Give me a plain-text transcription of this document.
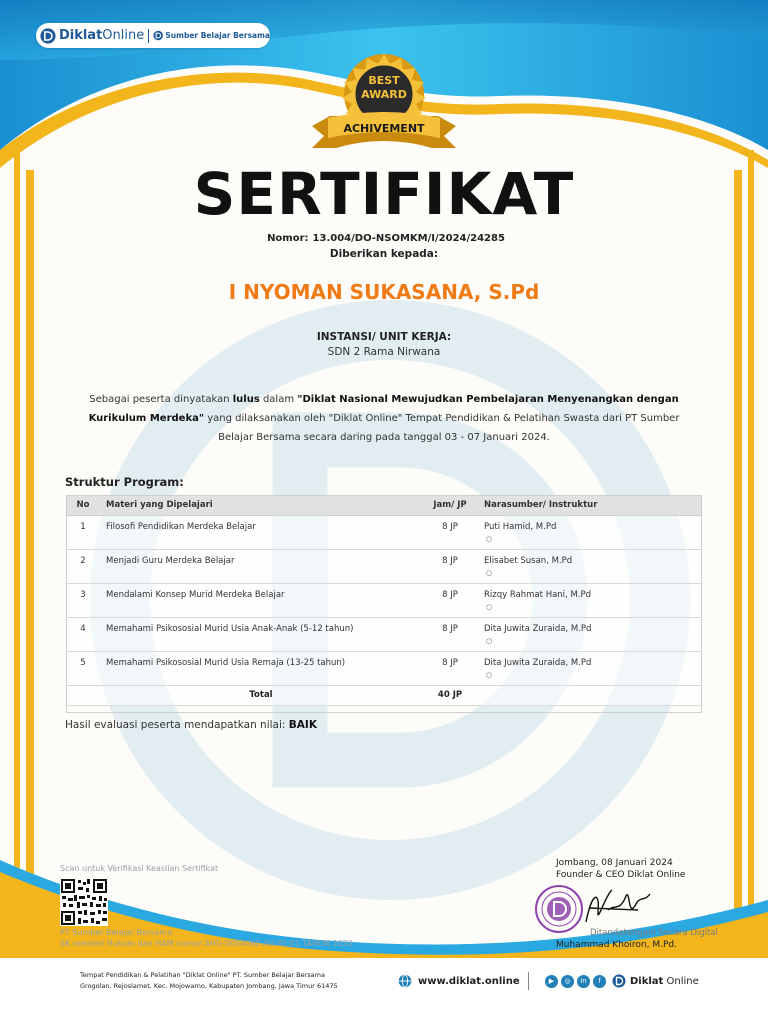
DiklatOnline	Sumber Belajar Bersama
BEST
AWARD
ACHIVEMENT
SERTIFIKAT
Nomor: 13.004/DO-NSOMKM/I/2024/24285
Diberikan kepada:
I NYOMAN SUKASANA, S.Pd
INSTANSI/ UNIT KERJA:
SDN 2 Rama Nirwana
Sebagai peserta dinyatakan lulus dalam "Diklat Nasional Mewujudkan Pembelajaran Menyenangkan dengan Kurikulum Merdeka" yang dilaksanakan oleh "Diklat Online" Tempat Pendidikan & Pelatihan Swasta dari PT Sumber Belajar Bersama secara daring pada tanggal 03 - 07 Januari 2024.
Struktur Program:
No	Materi yang Dipelajari	Jam/ JP	Narasumber/ Instruktur
1	Filosofi Pendidikan Merdeka Belajar	8 JP	Puti Hamid, M.Pd
○

2	Menjadi Guru Merdeka Belajar	8 JP	Elisabet Susan, M.Pd
○

3	Mendalami Konsep Murid Merdeka Belajar	8 JP	Rizqy Rahmat Hani, M.Pd
○

4	Memahami Psikososial Murid Usia Anak-Anak (5-12 tahun)	8 JP	Dita Juwita Zuraida, M.Pd
○

5	Memahami Psikososial Murid Usia Remaja (13-25 tahun)	8 JP	Dita Juwita Zuraida, M.Pd
○

	Total	40 JP	
Hasil evaluasi peserta mendapatkan nilai: BAIK
Scan untuk Verifikasi Keaslian Sertifikat
PT Sumber Belajar Bersama
SK menteri Hukum dan HAM nomor AHU-0054062.AH.01.01.TAHUN 2022
Jombang, 08 Januari 2024
Founder & CEO Diklat Online
Ditandatangani Secara Digital
Muhammad Khoiron, M.Pd.
Tempat Pendidikan & Pelatihan "Diklat Online" PT. Sumber Belajar Bersama
Grogolan, Rejoslamet, Kec. Mojowarno, Kabupaten Jombang, Jawa Timur 61475	www.diklat.online	▶	◎	in	f	Diklat Online
